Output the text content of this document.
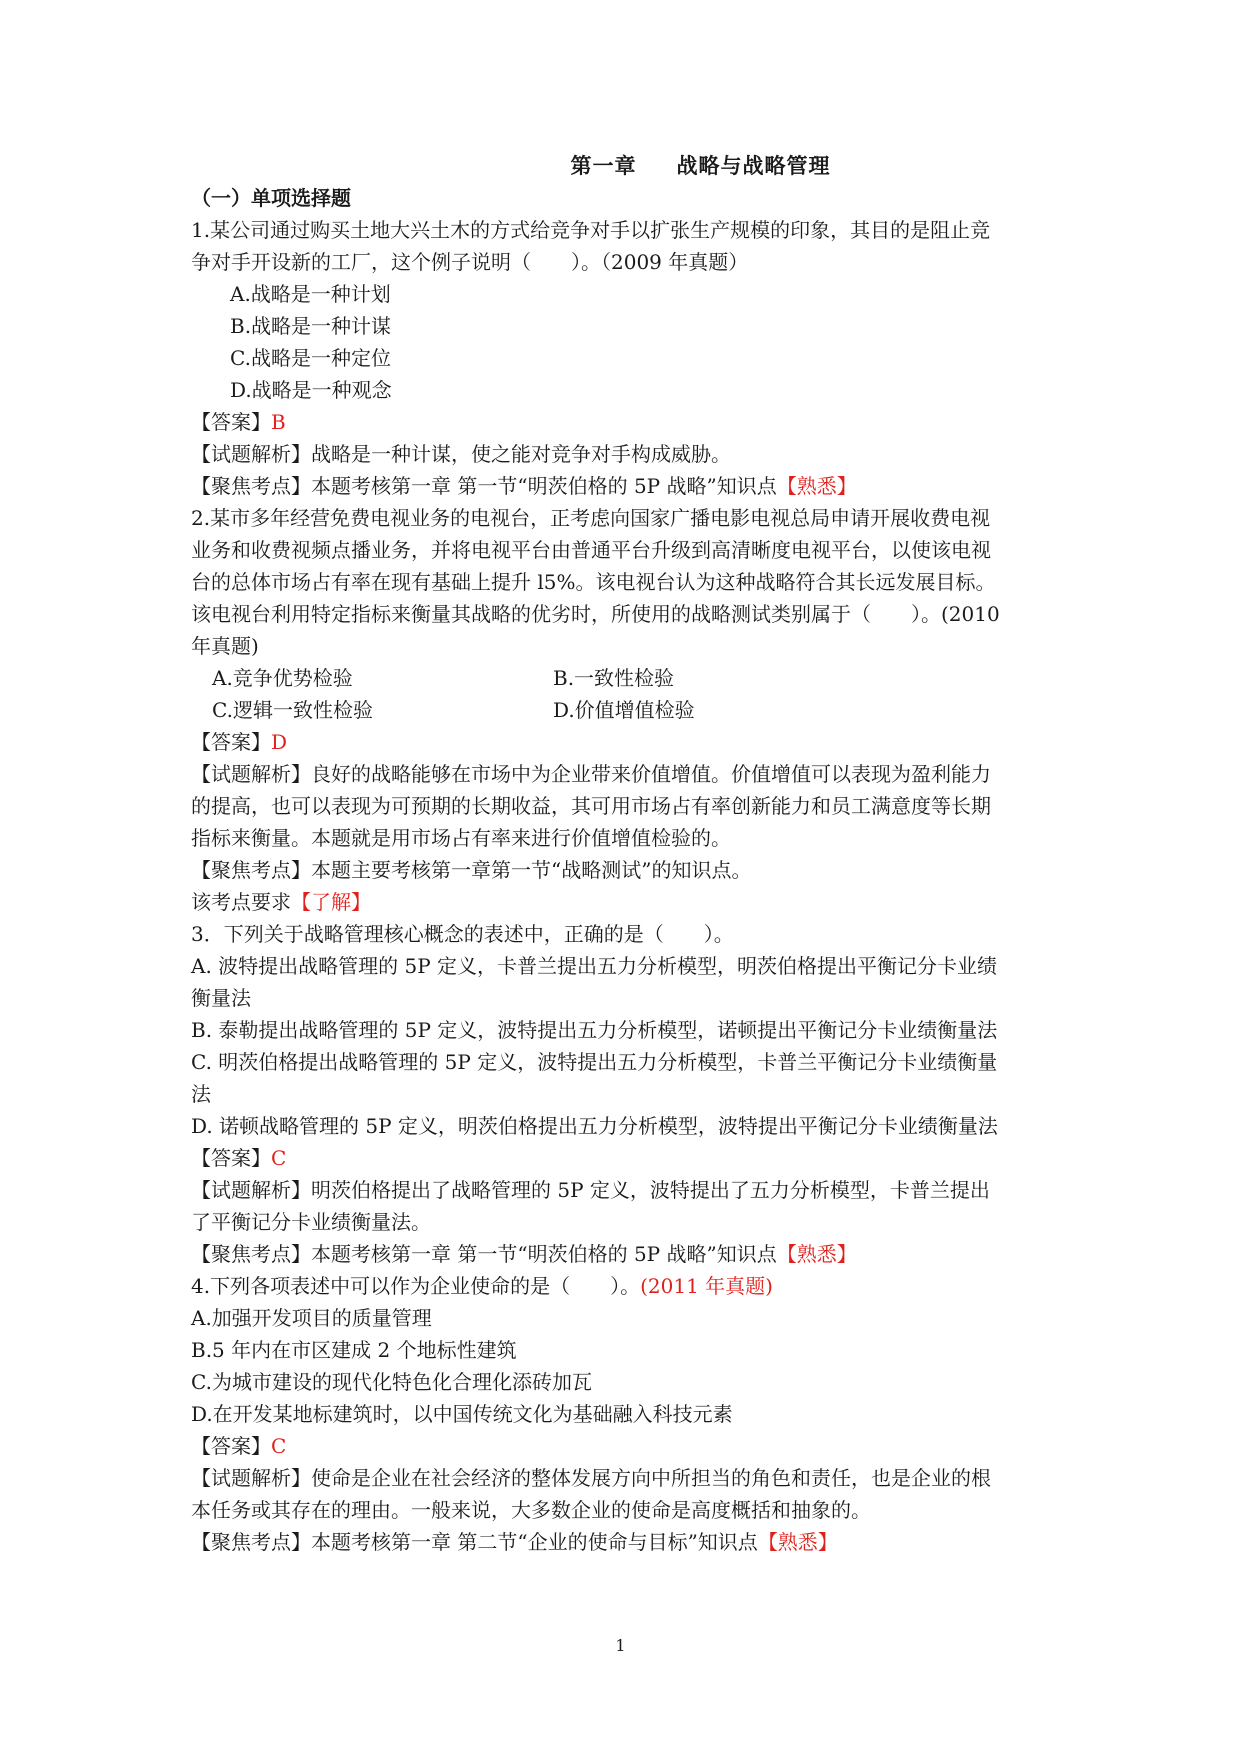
第一章 战略与战略管理
（一）单项选择题
1.某公司通过购买土地大兴土木的方式给竞争对手以扩张生产规模的印象，其目的是阻止竞
争对手开设新的工厂，这个例子说明（　　）。（2009 年真题）
A.战略是一种计划
B.战略是一种计谋
C.战略是一种定位
D.战略是一种观念
【答案】B
【试题解析】战略是一种计谋，使之能对竞争对手构成威胁。
【聚焦考点】本题考核第一章 第一节“明茨伯格的 5P 战略”知识点【熟悉】
2.某市多年经营免费电视业务的电视台，正考虑向国家广播电影电视总局申请开展收费电视
业务和收费视频点播业务，并将电视平台由普通平台升级到高清晰度电视平台，以使该电视
台的总体市场占有率在现有基础上提升 l5%。该电视台认为这种战略符合其长远发展目标。
该电视台利用特定指标来衡量其战略的优劣时，所使用的战略测试类别属于（　　）。(2010
年真题)
A.竞争优势检验	B.一致性检验
C.逻辑一致性检验	D.价值增值检验
【答案】D
【试题解析】良好的战略能够在市场中为企业带来价值增值。价值增值可以表现为盈利能力
的提高，也可以表现为可预期的长期收益，其可用市场占有率创新能力和员工满意度等长期
指标来衡量。本题就是用市场占有率来进行价值增值检验的。
【聚焦考点】本题主要考核第一章第一节“战略测试”的知识点。
该考点要求【了解】
3．下列关于战略管理核心概念的表述中，正确的是（　　）。
A. 波特提出战略管理的 5P 定义，卡普兰提出五力分析模型，明茨伯格提出平衡记分卡业绩
衡量法
B. 泰勒提出战略管理的 5P 定义，波特提出五力分析模型，诺顿提出平衡记分卡业绩衡量法
C. 明茨伯格提出战略管理的 5P 定义，波特提出五力分析模型，卡普兰平衡记分卡业绩衡量
法
D. 诺顿战略管理的 5P 定义，明茨伯格提出五力分析模型，波特提出平衡记分卡业绩衡量法
【答案】C
【试题解析】明茨伯格提出了战略管理的 5P 定义，波特提出了五力分析模型，卡普兰提出
了平衡记分卡业绩衡量法。
【聚焦考点】本题考核第一章 第一节“明茨伯格的 5P 战略”知识点【熟悉】
4.下列各项表述中可以作为企业使命的是（　　）。(2011 年真题)
A.加强开发项目的质量管理
B.5 年内在市区建成 2 个地标性建筑
C.为城市建设的现代化特色化合理化添砖加瓦
D.在开发某地标建筑时，以中国传统文化为基础融入科技元素
【答案】C
【试题解析】使命是企业在社会经济的整体发展方向中所担当的角色和责任，也是企业的根
本任务或其存在的理由。一般来说，大多数企业的使命是高度概括和抽象的。
【聚焦考点】本题考核第一章 第二节“企业的使命与目标”知识点【熟悉】
1
